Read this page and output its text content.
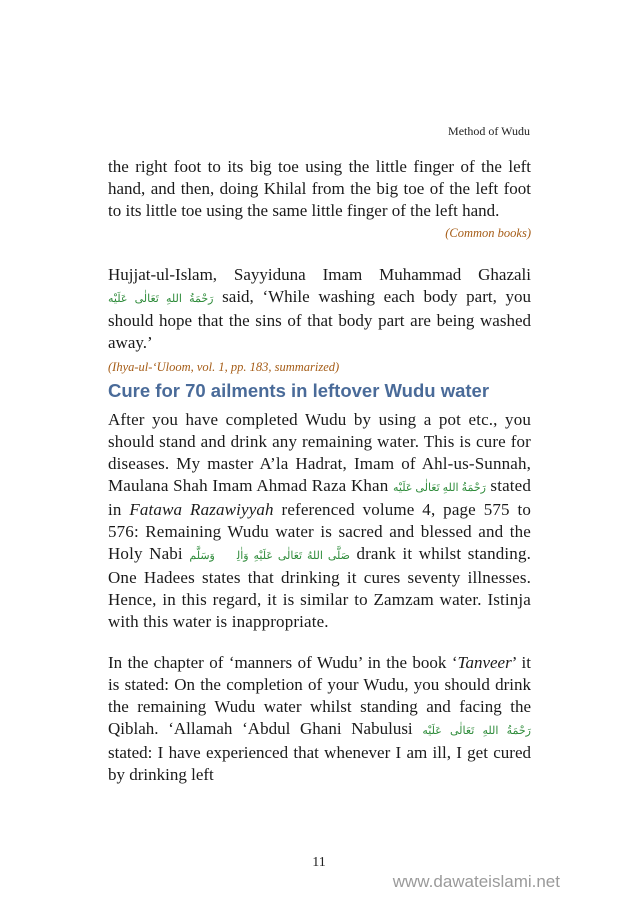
Method of Wudu

the right foot to its big toe using the little finger of the left hand, and then, doing Khilal from the big toe of the left foot to its little toe using the same little finger of the left hand.

(Common books)

Hujjat-ul-Islam, Sayyiduna Imam Muhammad Ghazali رَحْمَةُ اللهِ تَعَالٰی عَلَيْه said, ‘While washing each body part, you should hope that the sins of that body part are being washed away.’

(Ihya-ul-‘Uloom, vol. 1, pp. 183, summarized)
Cure for 70 ailments in leftover Wudu water

After you have completed Wudu by using a pot etc., you should stand and drink any remaining water. This is cure for diseases. My master A’la Hadrat, Imam of Ahl-us-Sunnah, Maulana Shah Imam Ahmad Raza Khan رَحْمَةُ اللهِ تَعَالٰی عَلَيْه stated in Fatawa Razawiyyah referenced volume 4, page 575 to 576: Remaining Wudu water is sacred and blessed and the Holy Nabi صَلَّى اللهُ تَعَالٰى عَلَيْهِ وَاٰلِهٖ وَسَلَّم drank it whilst standing. One Hadees states that drinking it cures seventy illnesses. Hence, in this regard, it is similar to Zamzam water. Istinja with this water is inappropriate.

In the chapter of ‘manners of Wudu’ in the book ‘Tanveer’ it is stated: On the completion of your Wudu, you should drink the remaining Wudu water whilst standing and facing the Qiblah. ‘Allamah ‘Abdul Ghani Nabulusi رَحْمَةُ اللهِ تَعَالٰی عَلَيْه stated: I have experienced that whenever I am ill, I get cured by drinking left

11
www.dawateislami.net
